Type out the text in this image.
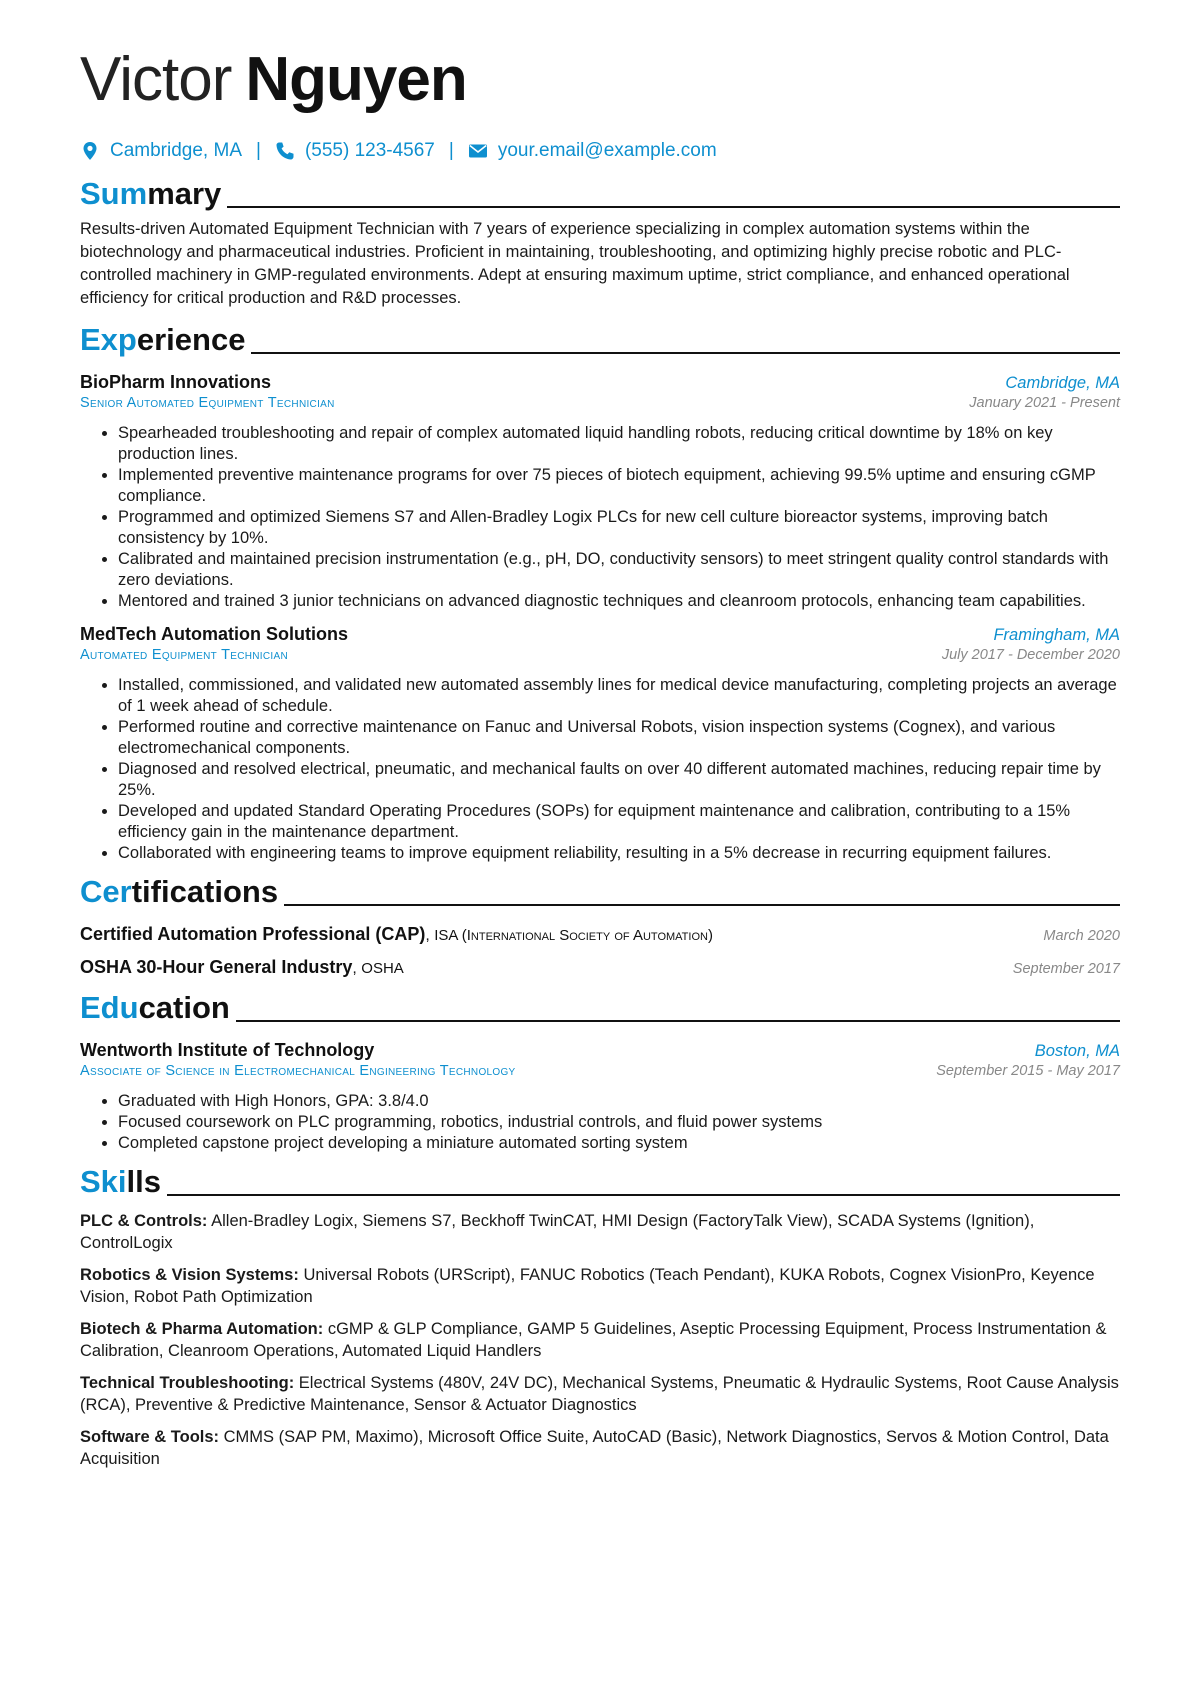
Victor Nguyen
Cambridge, MA | (555) 123-4567 | your.email@example.com
Summary

Results-driven Automated Equipment Technician with 7 years of experience specializing in complex automation systems within the biotechnology and pharmaceutical industries. Proficient in maintaining, troubleshooting, and optimizing highly precise robotic and PLC-controlled machinery in GMP-regulated environments. Adept at ensuring maximum uptime, strict compliance, and enhanced operational efficiency for critical production and R&D processes.

Experience
BioPharm Innovations	Cambridge, MA
Senior Automated Equipment Technician	January 2021 - Present
• Spearheaded troubleshooting and repair of complex automated liquid handling robots, reducing critical downtime by 18% on key production lines.
• Implemented preventive maintenance programs for over 75 pieces of biotech equipment, achieving 99.5% uptime and ensuring cGMP compliance.
• Programmed and optimized Siemens S7 and Allen-Bradley Logix PLCs for new cell culture bioreactor systems, improving batch consistency by 10%.
• Calibrated and maintained precision instrumentation (e.g., pH, DO, conductivity sensors) to meet stringent quality control standards with zero deviations.
• Mentored and trained 3 junior technicians on advanced diagnostic techniques and cleanroom protocols, enhancing team capabilities.
MedTech Automation Solutions	Framingham, MA
Automated Equipment Technician	July 2017 - December 2020
• Installed, commissioned, and validated new automated assembly lines for medical device manufacturing, completing projects an average of 1 week ahead of schedule.
• Performed routine and corrective maintenance on Fanuc and Universal Robots, vision inspection systems (Cognex), and various electromechanical components.
• Diagnosed and resolved electrical, pneumatic, and mechanical faults on over 40 different automated machines, reducing repair time by 25%.
• Developed and updated Standard Operating Procedures (SOPs) for equipment maintenance and calibration, contributing to a 15% efficiency gain in the maintenance department.
• Collaborated with engineering teams to improve equipment reliability, resulting in a 5% decrease in recurring equipment failures.
Certifications
Certified Automation Professional (CAP), ISA (International Society of Automation)	March 2020
OSHA 30-Hour General Industry, OSHA	September 2017
Education
Wentworth Institute of Technology	Boston, MA
Associate of Science in Electromechanical Engineering Technology	September 2015 - May 2017
• Graduated with High Honors, GPA: 3.8/4.0
• Focused coursework on PLC programming, robotics, industrial controls, and fluid power systems
• Completed capstone project developing a miniature automated sorting system
Skills

PLC & Controls: Allen-Bradley Logix, Siemens S7, Beckhoff TwinCAT, HMI Design (FactoryTalk View), SCADA Systems (Ignition), ControlLogix

Robotics & Vision Systems: Universal Robots (URScript), FANUC Robotics (Teach Pendant), KUKA Robots, Cognex VisionPro, Keyence Vision, Robot Path Optimization

Biotech & Pharma Automation: cGMP & GLP Compliance, GAMP 5 Guidelines, Aseptic Processing Equipment, Process Instrumentation & Calibration, Cleanroom Operations, Automated Liquid Handlers

Technical Troubleshooting: Electrical Systems (480V, 24V DC), Mechanical Systems, Pneumatic & Hydraulic Systems, Root Cause Analysis (RCA), Preventive & Predictive Maintenance, Sensor & Actuator Diagnostics

Software & Tools: CMMS (SAP PM, Maximo), Microsoft Office Suite, AutoCAD (Basic), Network Diagnostics, Servos & Motion Control, Data Acquisition
